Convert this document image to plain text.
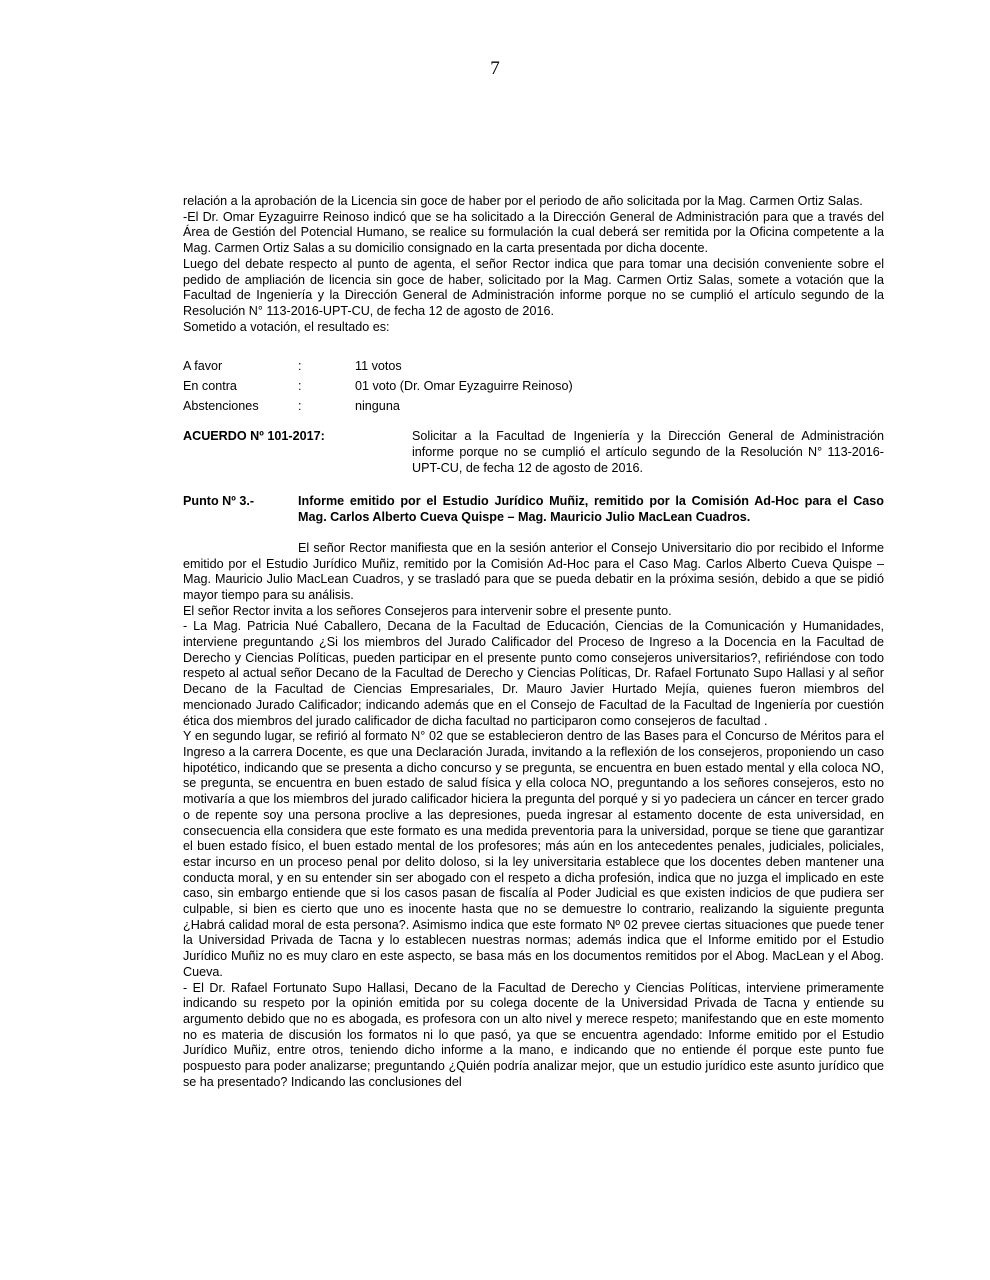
7

relación a la aprobación de la Licencia sin goce de haber por el periodo de año solicitada por la Mag. Carmen Ortiz Salas.

-El Dr. Omar Eyzaguirre Reinoso indicó que se ha solicitado a la Dirección General de Administración para que a través del Área de Gestión del Potencial Humano, se realice su formulación la cual deberá ser remitida por la Oficina competente a la Mag. Carmen Ortiz Salas a su domicilio consignado en la carta presentada por dicha docente.

Luego del debate respecto al punto de agenta, el señor Rector indica que para tomar una decisión conveniente sobre el pedido de ampliación de licencia sin goce de haber, solicitado por la Mag. Carmen Ortiz Salas, somete a votación que la Facultad de Ingeniería y la Dirección General de Administración informe porque no se cumplió el artículo segundo de la Resolución N° 113-2016-UPT-CU, de fecha 12 de agosto de 2016.

Sometido a votación, el resultado es:

A favor	:	11 votos
En contra	:	01 voto (Dr. Omar Eyzaguirre Reinoso)
Abstenciones	:	ninguna
ACUERDO Nº 101-2017:	Solicitar a la Facultad de Ingeniería y la Dirección General de Administración informe porque no se cumplió el artículo segundo de la Resolución N° 113-2016-UPT-CU, de fecha 12 de agosto de 2016.
Punto Nº 3.-	Informe emitido por el Estudio Jurídico Muñiz, remitido por la Comisión Ad-Hoc para el Caso Mag. Carlos Alberto Cueva Quispe – Mag. Mauricio Julio MacLean Cuadros.

El señor Rector manifiesta que en la sesión anterior el Consejo Universitario dio por recibido el Informe emitido por el Estudio Jurídico Muñiz, remitido por la Comisión Ad-Hoc para el Caso Mag. Carlos Alberto Cueva Quispe – Mag. Mauricio Julio MacLean Cuadros, y se trasladó para que se pueda debatir en la próxima sesión, debido a que se pidió mayor tiempo para su análisis.

El señor Rector invita a los señores Consejeros para intervenir sobre el presente punto.

- La Mag. Patricia Nué Caballero, Decana de la Facultad de Educación, Ciencias de la Comunicación y Humanidades, interviene preguntando ¿Si los miembros del Jurado Calificador del Proceso de Ingreso a la Docencia en la Facultad de Derecho y Ciencias Políticas, pueden participar en el presente punto como consejeros universitarios?, refiriéndose con todo respeto al actual señor Decano de la Facultad de Derecho y Ciencias Políticas, Dr. Rafael Fortunato Supo Hallasi y al señor Decano de la Facultad de Ciencias Empresariales, Dr. Mauro Javier Hurtado Mejía, quienes fueron miembros del mencionado Jurado Calificador; indicando además que en el Consejo de Facultad de la Facultad de Ingeniería por cuestión ética dos miembros del jurado calificador de dicha facultad no participaron como consejeros de facultad .

Y en segundo lugar, se refirió al formato N° 02 que se establecieron dentro de las Bases para el Concurso de Méritos para el Ingreso a la carrera Docente, es que una Declaración Jurada, invitando a la reflexión de los consejeros, proponiendo un caso hipotético, indicando que se presenta a dicho concurso y se pregunta, se encuentra en buen estado mental y ella coloca NO, se pregunta, se encuentra en buen estado de salud física y ella coloca NO, preguntando a los señores consejeros, esto no motivaría a que los miembros del jurado calificador hiciera la pregunta del porqué y si yo padeciera un cáncer en tercer grado o de repente soy una persona proclive a las depresiones, pueda ingresar al estamento docente de esta universidad, en consecuencia ella considera que este formato es una medida preventoria para la universidad, porque se tiene que garantizar el buen estado físico, el buen estado mental de los profesores; más aún en los antecedentes penales, judiciales, policiales, estar incurso en un proceso penal por delito doloso, si la ley universitaria establece que los docentes deben mantener una conducta moral, y en su entender sin ser abogado con el respeto a dicha profesión, indica que no juzga el implicado en este caso, sin embargo entiende que si los casos pasan de fiscalía al Poder Judicial es que existen indicios de que pudiera ser culpable, si bien es cierto que uno es inocente hasta que no se demuestre lo contrario, realizando la siguiente pregunta ¿Habrá calidad moral de esta persona?. Asimismo indica que este formato Nº 02 prevee ciertas situaciones que puede tener la Universidad Privada de Tacna y lo establecen nuestras normas; además indica que el Informe emitido por el Estudio Jurídico Muñiz no es muy claro en este aspecto, se basa más en los documentos remitidos por el Abog. MacLean y el Abog. Cueva.

- El Dr. Rafael Fortunato Supo Hallasi, Decano de la Facultad de Derecho y Ciencias Políticas, interviene primeramente indicando su respeto por la opinión emitida por su colega docente de la Universidad Privada de Tacna y entiende su argumento debido que no es abogada, es profesora con un alto nivel y merece respeto; manifestando que en este momento no es materia de discusión los formatos ni lo que pasó, ya que se encuentra agendado: Informe emitido por el Estudio Jurídico Muñiz, entre otros, teniendo dicho informe a la mano, e indicando que no entiende él porque este punto fue pospuesto para poder analizarse; preguntando ¿Quién podría analizar mejor, que un estudio jurídico este asunto jurídico que se ha presentado? Indicando las conclusiones del
